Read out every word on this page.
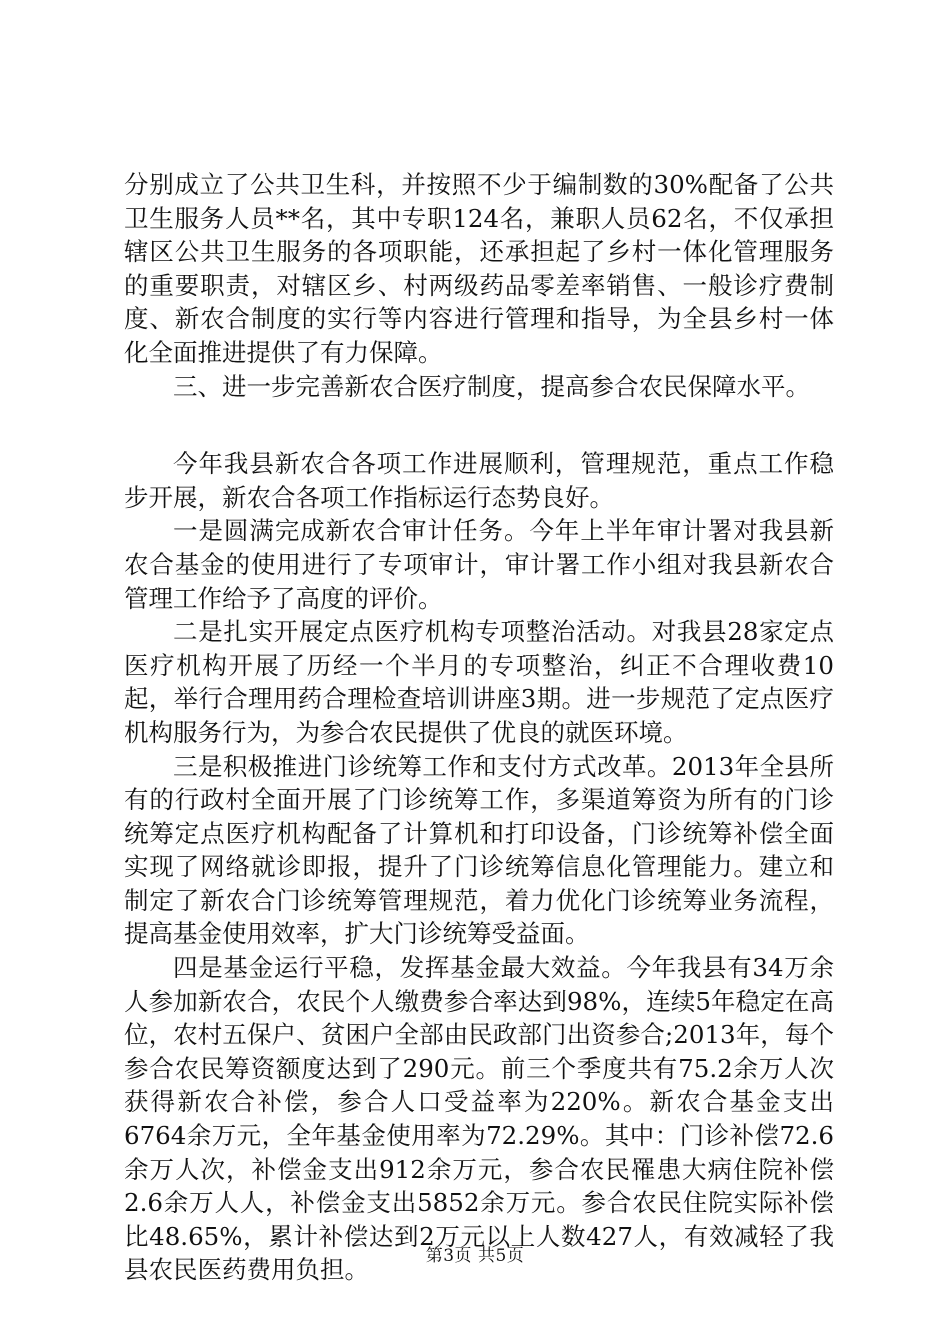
分别成立了公共卫生科，并按照不少于编制数的30%配备了公共卫生服务人员**名，其中专职124名，兼职人员62名，不仅承担辖区公共卫生服务的各项职能，还承担起了乡村一体化管理服务的重要职责，对辖区乡、村两级药品零差率销售、一般诊疗费制度、新农合制度的实行等内容进行管理和指导，为全县乡村一体化全面推进提供了有力保障。

三、进一步完善新农合医疗制度，提高参合农民保障水平。

今年我县新农合各项工作进展顺利，管理规范，重点工作稳步开展，新农合各项工作指标运行态势良好。

一是圆满完成新农合审计任务。今年上半年审计署对我县新农合基金的使用进行了专项审计，审计署工作小组对我县新农合管理工作给予了高度的评价。

二是扎实开展定点医疗机构专项整治活动。对我县28家定点医疗机构开展了历经一个半月的专项整治，纠正不合理收费10起，举行合理用药合理检查培训讲座3期。进一步规范了定点医疗机构服务行为，为参合农民提供了优良的就医环境。

三是积极推进门诊统筹工作和支付方式改革。2013年全县所有的行政村全面开展了门诊统筹工作，多渠道筹资为所有的门诊统筹定点医疗机构配备了计算机和打印设备，门诊统筹补偿全面实现了网络就诊即报，提升了门诊统筹信息化管理能力。建立和制定了新农合门诊统筹管理规范，着力优化门诊统筹业务流程，提高基金使用效率，扩大门诊统筹受益面。

四是基金运行平稳，发挥基金最大效益。今年我县有34万余人参加新农合，农民个人缴费参合率达到98%，连续5年稳定在高位，农村五保户、贫困户全部由民政部门出资参合;2013年，每个参合农民筹资额度达到了290元。前三个季度共有75.2余万人次获得新农合补偿，参合人口受益率为220%。新农合基金支出6764余万元，全年基金使用率为72.29%。其中：门诊补偿72.6余万人次，补偿金支出912余万元，参合农民罹患大病住院补偿2.6余万人人，补偿金支出5852余万元。参合农民住院实际补偿比48.65%，累计补偿达到2万元以上人数427人，有效减轻了我县农民医药费用负担。	第3页 共5页
